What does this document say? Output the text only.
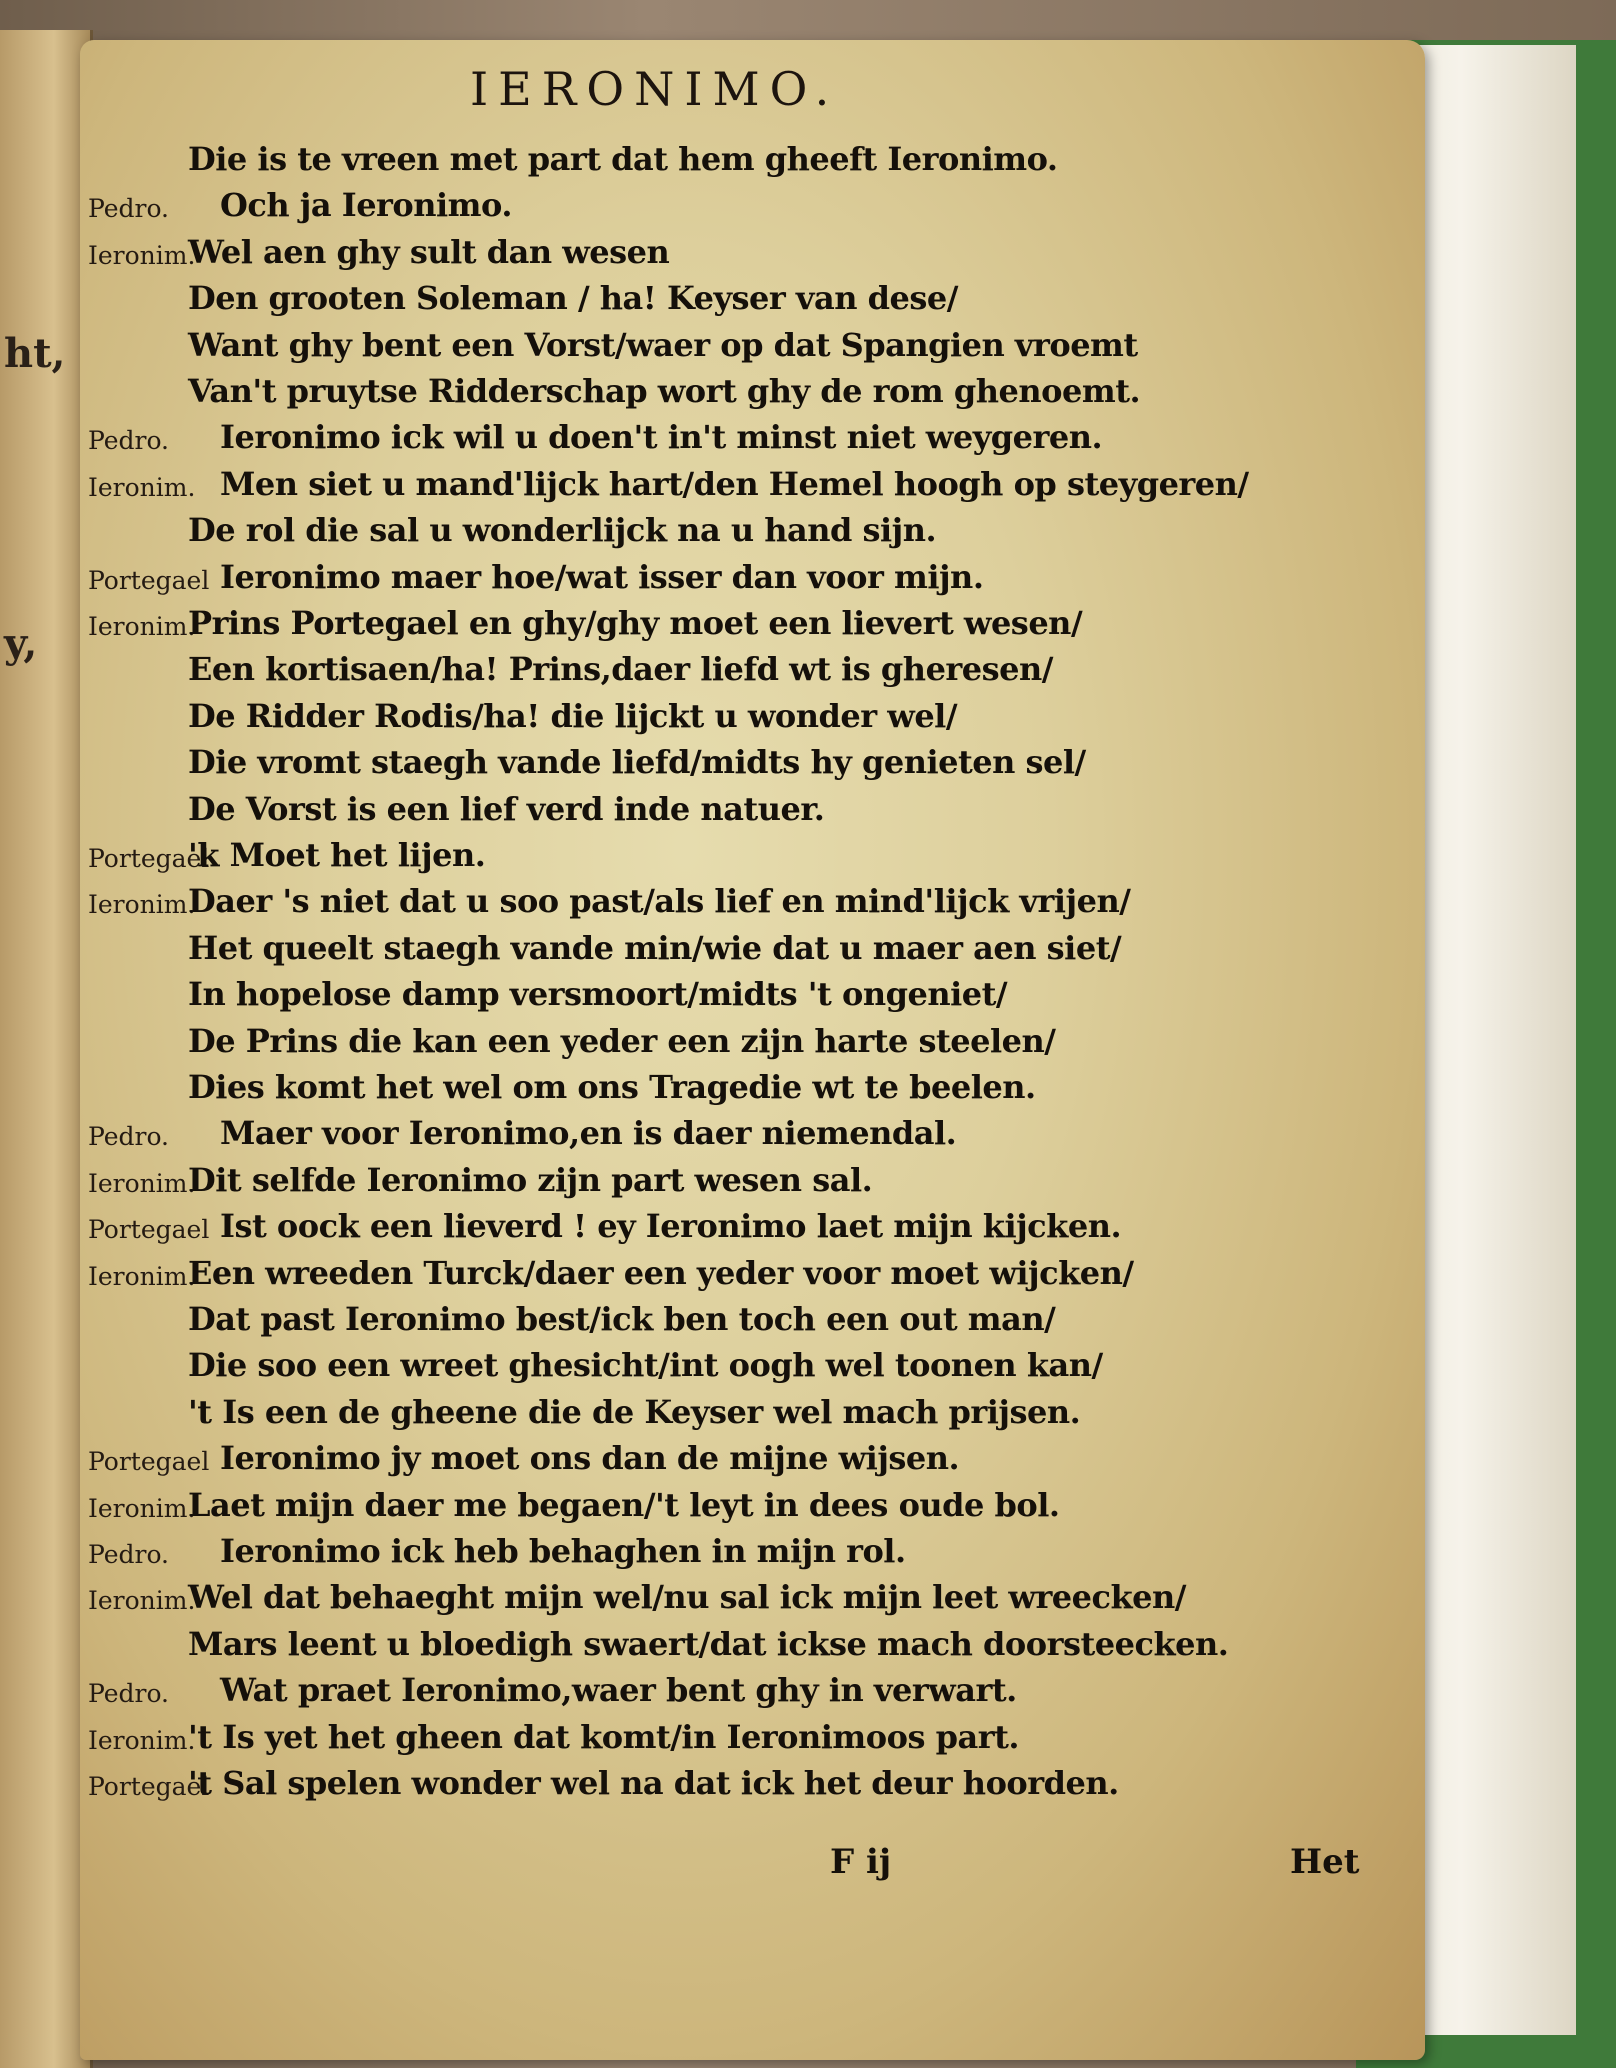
ht,
y,
IERONIMO.
Die is te vreen met part dat hem gheeft Ieronimo.
Pedro. Och ja Ieronimo.
Ieronim.
Wel aen ghy sult dan wesen
Den grooten Soleman / ha! Keyser van dese/
Want ghy bent een Vorst/waer op dat Spangien vroemt
Van't pruytse Ridderschap wort ghy de rom ghenoemt.
Pedro. Ieronimo ick wil u doen't in't minst niet weygeren.
Ieronim. Men siet u mand'lijck hart/den Hemel hoogh op steygeren/
De rol die sal u wonderlijck na u hand sijn.
Portegael Ieronimo maer hoe/wat isser dan voor mijn.
Ieronim.
Prins Portegael en ghy/ghy moet een lievert wesen/
Een kortisaen/ha! Prins,daer liefd wt is gheresen/
De Ridder Rodis/ha! die lijckt u wonder wel/
Die vromt staegh vande liefd/midts hy genieten sel/
De Vorst is een lief verd inde natuer.
Portegael
'k Moet het lijen.
Ieronim.
Daer 's niet dat u soo past/als lief en mind'lijck vrijen/
Het queelt staegh vande min/wie dat u maer aen siet/
In hopelose damp versmoort/midts 't ongeniet/
De Prins die kan een yeder een zijn harte steelen/
Dies komt het wel om ons Tragedie wt te beelen.
Pedro. Maer voor Ieronimo,en is daer niemendal.
Ieronim.
Dit selfde Ieronimo zijn part wesen sal.
Portegael Ist oock een lieverd ! ey Ieronimo laet mijn kijcken.
Ieronim.
Een wreeden Turck/daer een yeder voor moet wijcken/
Dat past Ieronimo best/ick ben toch een out man/
Die soo een wreet ghesicht/int oogh wel toonen kan/
't Is een de gheene die de Keyser wel mach prijsen.
Portegael Ieronimo jy moet ons dan de mijne wijsen.
Ieronim.
Laet mijn daer me begaen/'t leyt in dees oude bol.
Pedro. Ieronimo ick heb behaghen in mijn rol.
Ieronim.
Wel dat behaeght mijn wel/nu sal ick mijn leet wreecken/
Mars leent u bloedigh swaert/dat ickse mach doorsteecken.
Pedro. Wat praet Ieronimo,waer bent ghy in verwart.
Ieronim.
't Is yet het gheen dat komt/in Ieronimoos part.
Portegael
't Sal spelen wonder wel na dat ick het deur hoorden.
F ij	Het
